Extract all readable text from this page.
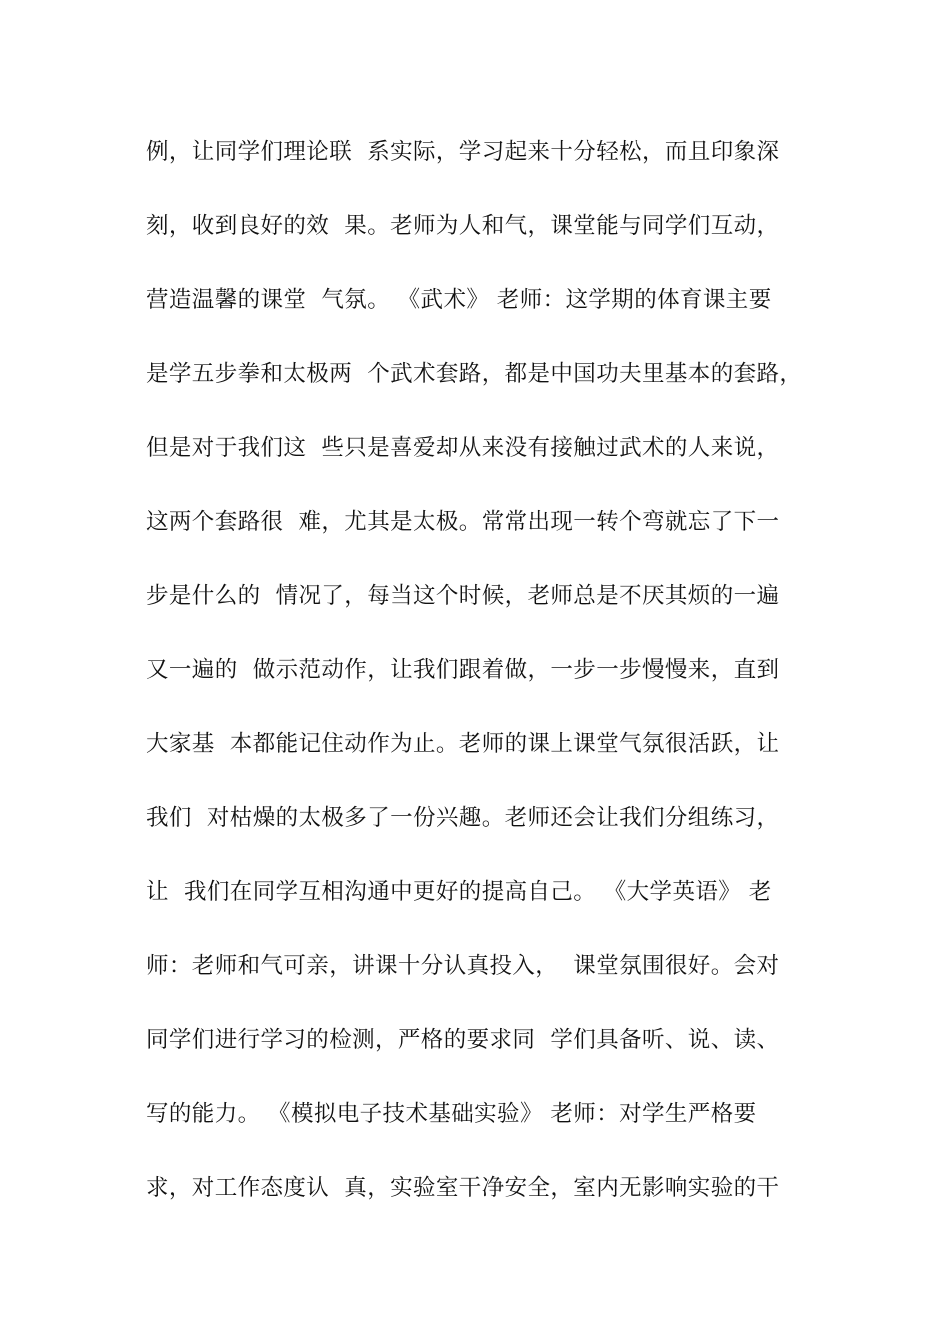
例，让同学们理论联  系实际，学习起来十分轻松，而且印象深
刻，收到良好的效  果。老师为人和气，课堂能与同学们互动，
营造温馨的课堂  气氛。 《武术》 老师：这学期的体育课主要
是学五步拳和太极两  个武术套路，都是中国功夫里基本的套路，
但是对于我们这  些只是喜爱却从来没有接触过武术的人来说，
这两个套路很  难，尤其是太极。常常出现一转个弯就忘了下一
步是什么的  情况了，每当这个时候，老师总是不厌其烦的一遍
又一遍的  做示范动作，让我们跟着做，一步一步慢慢来，直到
大家基  本都能记住动作为止。老师的课上课堂气氛很活跃，让
我们  对枯燥的太极多了一份兴趣。老师还会让我们分组练习，
让  我们在同学互相沟通中更好的提高自己。 《大学英语》 老
师：老师和气可亲，讲课十分认真投入，  课堂氛围很好。会对
同学们进行学习的检测，严格的要求同  学们具备听、说、读、
写的能力。 《模拟电子技术基础实验》 老师：对学生严格要
求，对工作态度认  真，实验室干净安全，室内无影响实验的干
